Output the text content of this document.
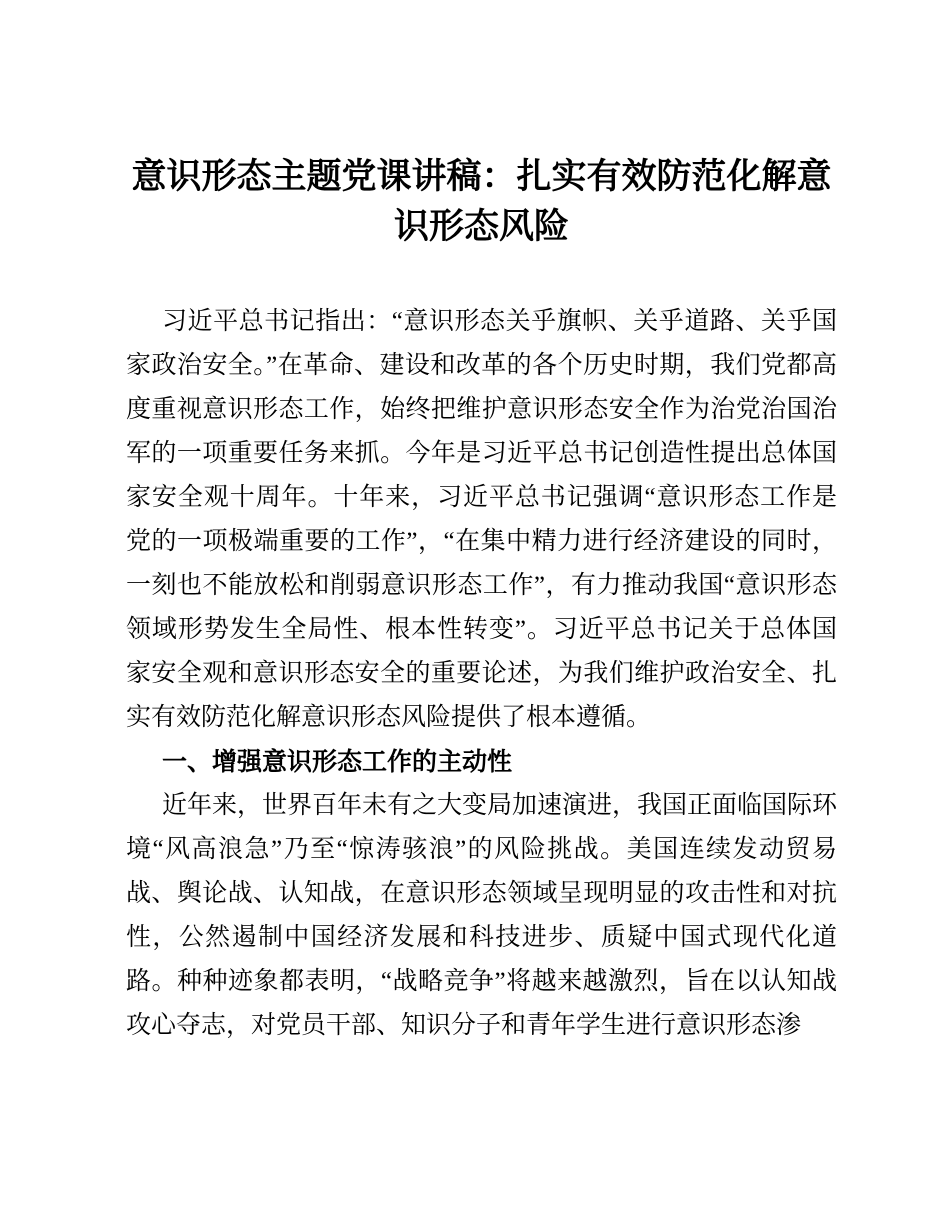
意识形态主题党课讲稿：扎实有效防范化解意识形态风险

习近平总书记指出：“意识形态关乎旗帜、关乎道路、关乎国家政治安全。”在革命、建设和改革的各个历史时期，我们党都高度重视意识形态工作，始终把维护意识形态安全作为治党治国治军的一项重要任务来抓。今年是习近平总书记创造性提出总体国家安全观十周年。十年来，习近平总书记强调“意识形态工作是党的一项极端重要的工作”，“在集中精力进行经济建设的同时，一刻也不能放松和削弱意识形态工作”，有力推动我国“意识形态领域形势发生全局性、根本性转变”。习近平总书记关于总体国家安全观和意识形态安全的重要论述，为我们维护政治安全、扎实有效防范化解意识形态风险提供了根本遵循。

一、增强意识形态工作的主动性

近年来，世界百年未有之大变局加速演进，我国正面临国际环境“风高浪急”乃至“惊涛骇浪”的风险挑战。美国连续发动贸易战、舆论战、认知战，在意识形态领域呈现明显的攻击性和对抗性，公然遏制中国经济发展和科技进步、质疑中国式现代化道路。种种迹象都表明，“战略竞争”将越来越激烈，旨在以认知战攻心夺志，对党员干部、知识分子和青年学生进行意识形态渗
